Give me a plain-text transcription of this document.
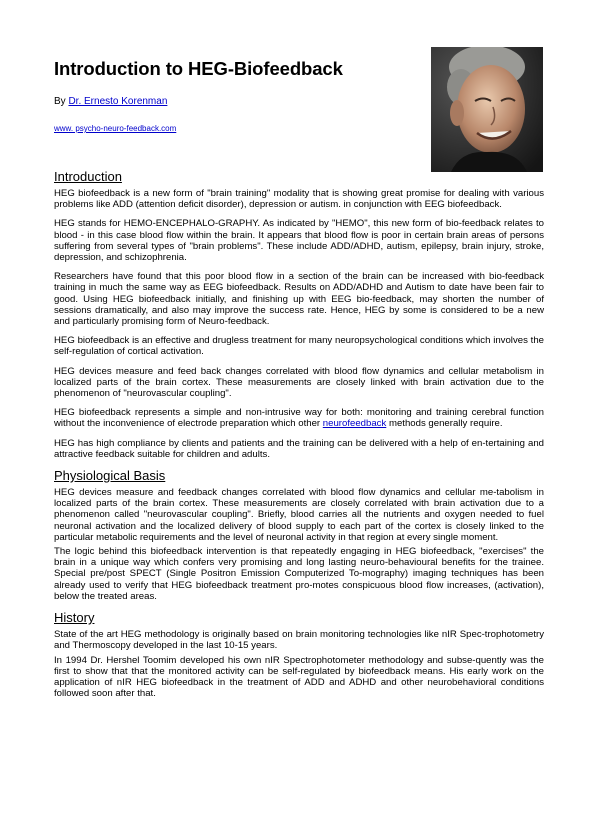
Introduction to HEG-Biofeedback
By Dr. Ernesto Korenman
www. psycho-neuro-feedback.com
Introduction

HEG biofeedback is a new form of "brain training" modality that is showing great promise for dealing with various problems like ADD (attention deficit disorder), depression or autism. in conjunction with EEG biofeedback.

HEG stands for HEMO-ENCEPHALO-GRAPHY. As indicated by "HEMO", this new form of bio-feedback relates to blood - in this case blood flow within the brain. It appears that blood flow is poor in certain brain areas of persons suffering from several types of "brain problems". These include ADD/ADHD, autism, epilepsy, brain injury, stroke, depression, and schizophrenia.

Researchers have found that this poor blood flow in a section of the brain can be increased with bio-feedback training in much the same way as EEG biofeedback. Results on ADD/ADHD and Autism to date have been fair to good. Using HEG biofeedback initially, and finishing up with EEG bio-feedback, may shorten the number of sessions dramatically, and also may improve the success rate. Hence, HEG by some is considered to be a new and particularly promising form of Neuro-feedback.

HEG biofeedback is an effective and drugless treatment for many neuropsychological conditions which involves the self-regulation of cortical activation.

HEG devices measure and feed back changes correlated with blood flow dynamics and cellular metabolism in localized parts of the brain cortex. These measurements are closely linked with brain activation due to the phenomenon of "neurovascular coupling".

HEG biofeedback represents a simple and non-intrusive way for both: monitoring and training cerebral function without the inconvenience of electrode preparation which other neurofeedback methods generally require.

HEG has high compliance by clients and patients and the training can be delivered with a help of en-tertaining and attractive feedback suitable for children and adults.

Physiological Basis

HEG devices measure and feedback changes correlated with blood flow dynamics and cellular me-tabolism in localized parts of the brain cortex. These measurements are closely correlated with brain activation due to a phenomenon called "neurovascular coupling". Briefly, blood carries all the nutrients and oxygen needed to fuel neuronal activation and the localized delivery of blood supply to each part of the cortex is closely linked to the particular metabolic requirements and the level of neuronal activity in that region at every single moment.

The logic behind this biofeedback intervention is that repeatedly engaging in HEG biofeedback, "exercises" the brain in a unique way which confers very promising and long lasting neuro-behavioural benefits for the trainee. Special pre/post SPECT (Single Positron Emission Computerized To-mography) imaging techniques has been already used to verify that HEG biofeedback treatment pro-motes conspicuous blood flow increases, (activation), below the treated areas.

History

State of the art HEG methodology is originally based on brain monitoring technologies like nIR Spec-trophotometry and Thermoscopy developed in the last 10-15 years.

In 1994 Dr. Hershel Toomim developed his own nIR Spectrophotometer methodology and subse-quently was the first to show that that the monitored activity can be self-regulated by biofeedback means. His early work on the application of nIR HEG biofeedback in the treatment of ADD and ADHD and other neurobehavioral conditions followed soon after that.
